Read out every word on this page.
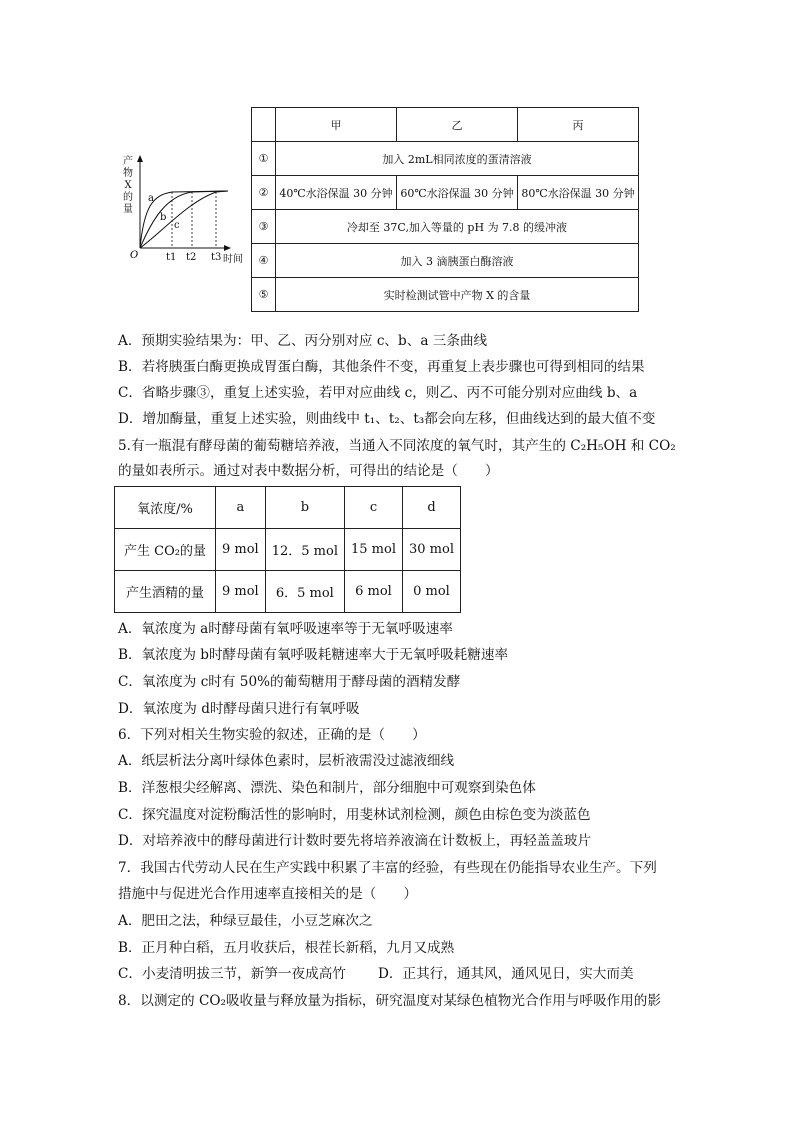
产
物
X
的
量
O
a
b
c
t1 t2 t3 时间
	甲	乙	丙
①	加入 2mL相同浓度的蛋清溶液		
②	40℃水浴保温 30 分钟	60℃水浴保温 30 分钟	80℃水浴保温 30 分钟
③	冷却至 37C,加入等量的 pH 为 7.8 的缓冲液		
④	加入 3 滴胰蛋白酶溶液		
⑤	实时检测试管中产物 X 的含量		
A．预期实验结果为：甲、乙、丙分别对应 c、b、a 三条曲线
B．若将胰蛋白酶更换成胃蛋白酶，其他条件不变，再重复上表步骤也可得到相同的结果
C．省略步骤③，重复上述实验，若甲对应曲线 c，则乙、丙不可能分别对应曲线 b、a
D．增加酶量，重复上述实验，则曲线中 t₁、t₂、t₃都会向左移，但曲线达到的最大值不变
5.有一瓶混有酵母菌的葡萄糖培养液，当通入不同浓度的氧气时，其产生的 C₂H₅OH 和 CO₂
的量如表所示。通过对表中数据分析，可得出的结论是（　　）
氧浓度/%	a	b	c	d
产生 CO₂的量	9 mol	12．5 mol	15 mol	30 mol
产生酒精的量	9 mol	6．5 mol	6 mol	0 mol
A．氧浓度为 a时酵母菌有氧呼吸速率等于无氧呼吸速率
B．氧浓度为 b时酵母菌有氧呼吸耗糖速率大于无氧呼吸耗糖速率
C．氧浓度为 c时有 50%的葡萄糖用于酵母菌的酒精发酵
D．氧浓度为 d时酵母菌只进行有氧呼吸
6．下列对相关生物实验的叙述，正确的是（　　）
A．纸层析法分离叶绿体色素时，层析液需没过滤液细线
B．洋葱根尖经解离、漂洗、染色和制片，部分细胞中可观察到染色体
C．探究温度对淀粉酶活性的影响时，用斐林试剂检测，颜色由棕色变为淡蓝色
D．对培养液中的酵母菌进行计数时要先将培养液滴在计数板上，再轻盖盖玻片
7．我国古代劳动人民在生产实践中积累了丰富的经验，有些现在仍能指导农业生产。下列
措施中与促进光合作用速率直接相关的是（　　）
A．肥田之法，种绿豆最佳，小豆芝麻次之
B．正月种白稻，五月收获后，根茬长新稻，九月又成熟
C．小麦清明拔三节，新笋一夜成高竹 D．正其行，通其风，通风见日，实大而美
8．以测定的 CO₂吸收量与释放量为指标，研究温度对某绿色植物光合作用与呼吸作用的影
